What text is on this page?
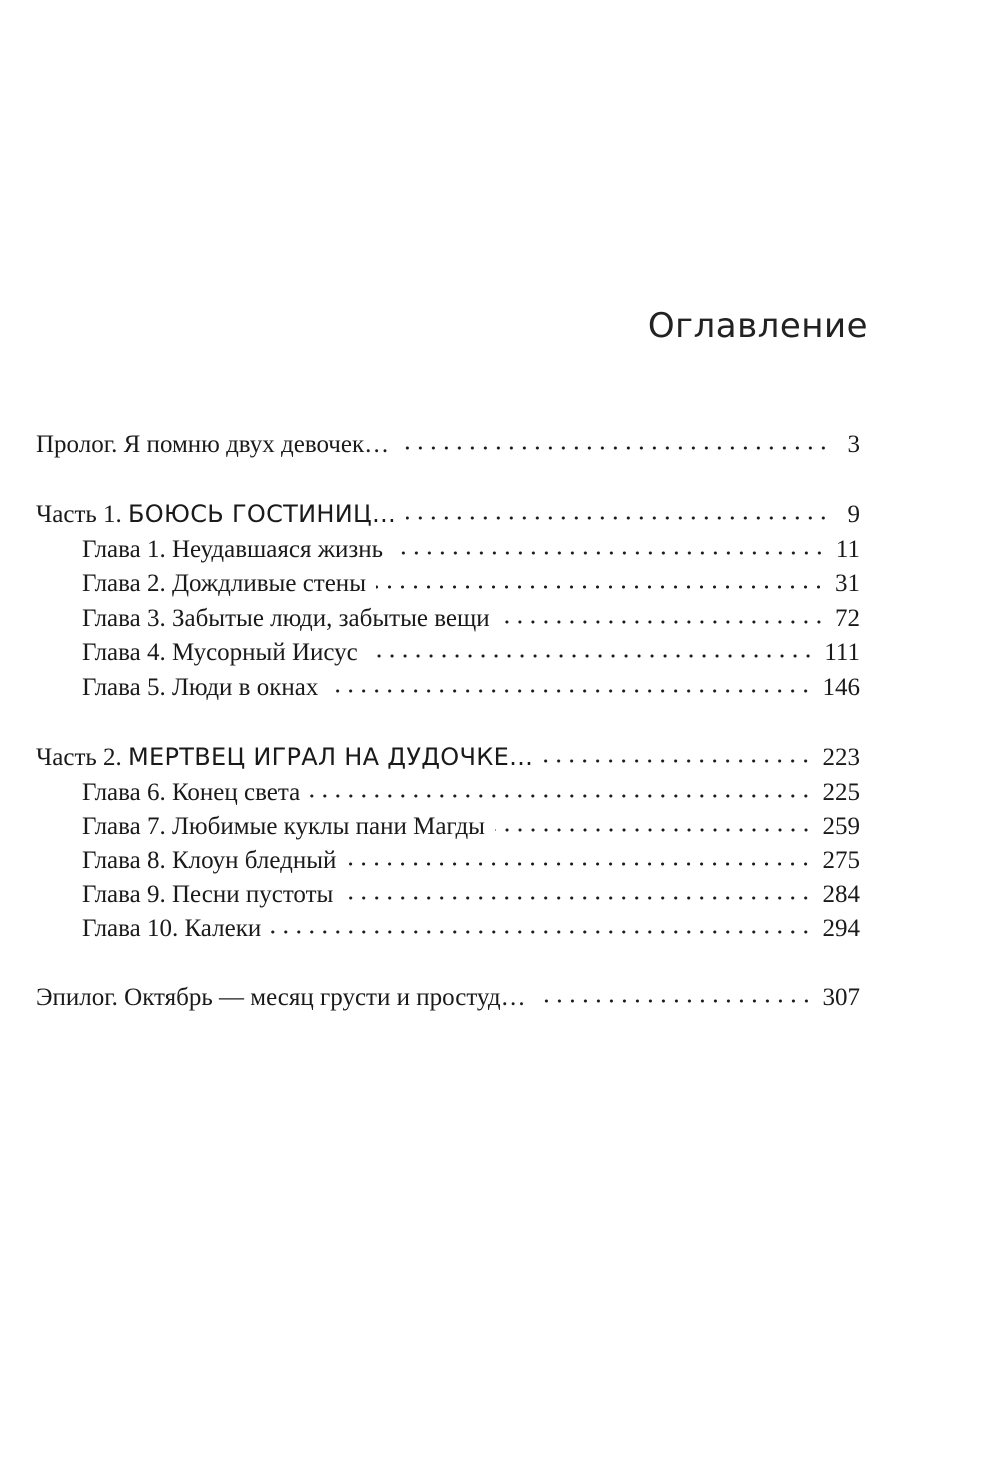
Оглавление
Пролог. Я помню двух девочек…	3
Часть 1. БОЮСЬ ГОСТИНИЦ…	9
Глава 1. Неудавшаяся жизнь	11
Глава 2. Дождливые стены	31
Глава 3. Забытые люди, забытые вещи	72
Глава 4. Мусорный Иисус	111
Глава 5. Люди в окнах	146
Часть 2. МЕРТВЕЦ ИГРАЛ НА ДУДОЧКЕ…	223
Глава 6. Конец света	225
Глава 7. Любимые куклы пани Магды	259
Глава 8. Клоун бледный	275
Глава 9. Песни пустоты	284
Глава 10. Калеки	294
Эпилог. Октябрь — месяц грусти и простуд…	307
